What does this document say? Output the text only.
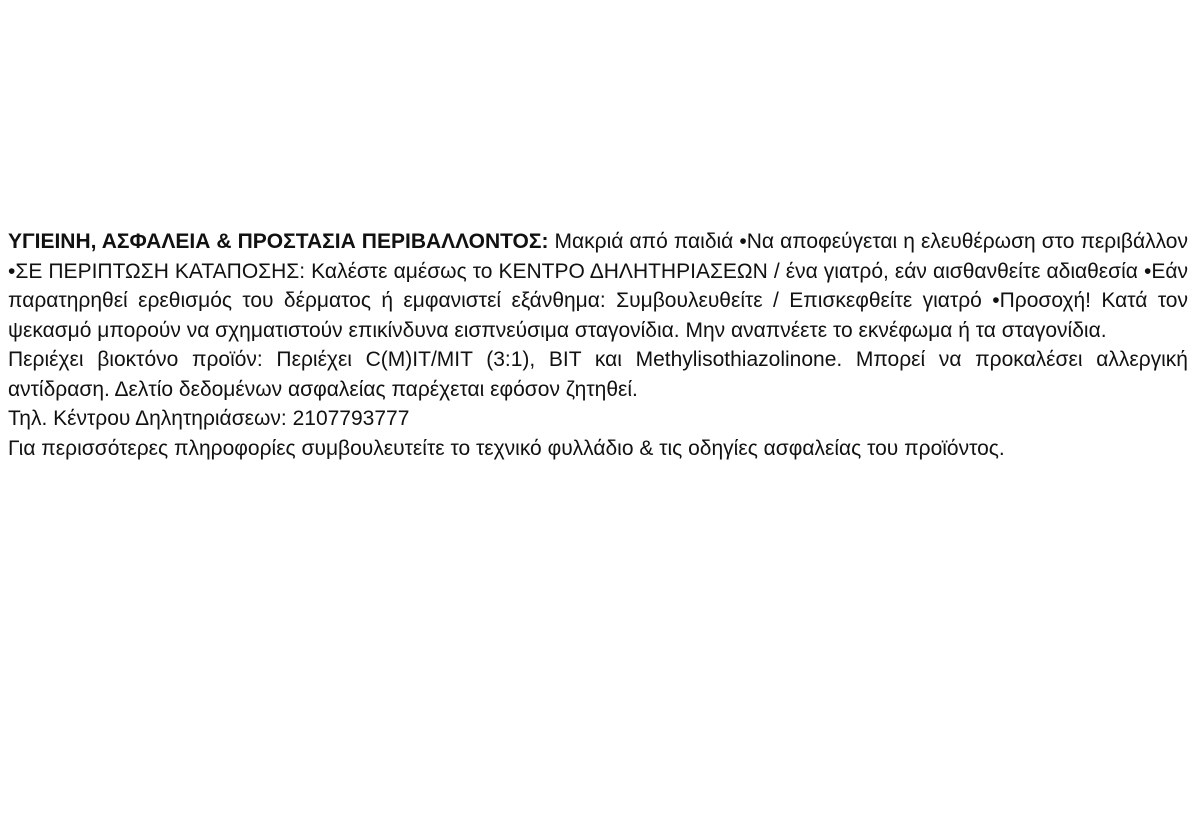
ΥΓΙΕΙΝΗ, ΑΣΦΑΛΕΙΑ & ΠΡΟΣΤΑΣΙΑ ΠΕΡΙΒΑΛΛΟΝΤΟΣ: Μακριά από παιδιά •Να αποφεύγεται η ελευθέρωση στο περιβάλλον •ΣΕ ΠΕΡΙΠΤΩΣΗ ΚΑΤΑΠΟΣΗΣ: Καλέστε αμέσως το ΚΕΝΤΡΟ ΔΗΛΗΤΗΡΙΑΣΕΩΝ / ένα γιατρό, εάν αισθανθείτε αδιαθεσία •Εάν παρατηρηθεί ερεθισμός του δέρματος ή εμφανιστεί εξάνθημα: Συμβουλευθείτε / Επισκεφθείτε γιατρό •Προσοχή! Κατά τον ψεκασμό μπορούν να σχηματιστούν επικίνδυνα εισπνεύσιμα σταγονίδια. Μην αναπνέετε το εκνέφωμα ή τα σταγονίδια.

Περιέχει βιοκτόνο προϊόν: Περιέχει C(M)IT/MIT (3:1), BIT και Methylisothiazolinone. Μπορεί να προκαλέσει αλλεργική αντίδραση. Δελτίο δεδομένων ασφαλείας παρέχεται εφόσον ζητηθεί.

Τηλ. Κέντρου Δηλητηριάσεων: 2107793777

Για περισσότερες πληροφορίες συμβουλευτείτε το τεχνικό φυλλάδιο & τις οδηγίες ασφαλείας του προϊόντος.
